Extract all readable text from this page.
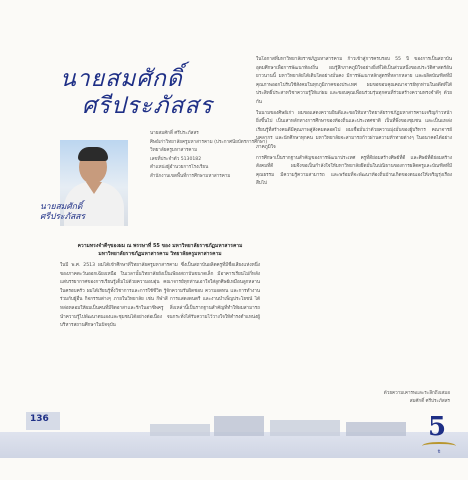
นายสมศักดิ์
ศรีประภัสสร
นายสมศักดิ์
ศรีประภัสสร
นายสมศักดิ์ ศรีประภัสสร
ศิษย์เก่าวิทยาลัยครูมหาสารคาม (ประกาศนียบัตรการศึกษา)
วิทยาลัยครูมหาสารคาม
เลขที่ประจำตัว 5130182
ตำแหน่งผู้อำนวยการโรงเรียน
สำนักงานเขตพื้นที่การศึกษามหาสารคาม
ความทรงจำดีๆของผม ณ พรรษาที่ 55 ของ มหาวิทยาลัยราชภัฏมหาสารคาม
มหาวิทยาลัยราชภัฏมหาสารคาม วิทยาลัยครูมหาสารคาม
ในปี พ.ศ. 2513 ผมได้เข้าศึกษาที่วิทยาลัยครูมหาสารคาม ซึ่งเป็นสถาบันผลิตครูที่มีชื่อเสียงแห่งหนึ่งของภาคตะวันออกเฉียงเหนือ ในเวลานั้นวิทยาลัยยังเป็นเพียงสถาบันขนาดเล็ก มีอาคารเรียนไม่กี่หลัง แต่บรรยากาศของการเรียนรู้เต็มไปด้วยความอบอุ่น คณาจารย์ทุกท่านเอาใจใส่ลูกศิษย์เหมือนลูกหลานในครอบครัว ผมได้เรียนรู้ทั้งวิชาการและการใช้ชีวิต รู้จักความรับผิดชอบ ความอดทน และการทำงานร่วมกับผู้อื่น กิจกรรมต่างๆ ภายในวิทยาลัย เช่น กีฬาสี การแสดงดนตรี และงานบำเพ็ญประโยชน์ ได้หล่อหลอมให้ผมเป็นคนที่มีจิตอาสาและรักในอาชีพครู สิ่งเหล่านี้เป็นรากฐานสำคัญที่ทำให้ผมสามารถนำความรู้ไปพัฒนาตนเองและชุมชนได้อย่างต่อเนื่อง จนกระทั่งได้รับความไว้วางใจให้ดำรงตำแหน่งผู้บริหารสถานศึกษาในปัจจุบัน
ในโอกาสที่มหาวิทยาลัยราชภัฏมหาสารคาม ก้าวเข้าสู่การครบรอบ 55 ปี ของการเป็นสถาบันอุดมศึกษาเพื่อการพัฒนาท้องถิ่น ผมรู้สึกภาคภูมิใจอย่างยิ่งที่ได้เป็นส่วนหนึ่งของประวัติศาสตร์อันยาวนานนี้ มหาวิทยาลัยได้เติบโตอย่างมั่นคง มีการพัฒนาหลักสูตรที่หลากหลาย และผลิตบัณฑิตที่มีคุณภาพออกไปรับใช้สังคมในทุกภูมิภาคของประเทศ ผมขอขอบคุณคณาจารย์ทุกท่านในอดีตที่ได้ประสิทธิ์ประสาทวิชาความรู้ให้แก่ผม และขอบคุณเพื่อนร่วมรุ่นทุกคนที่ร่วมสร้างความทรงจำดีๆ ด้วยกัน
ในนามของศิษย์เก่า ผมขอแสดงความยินดีและขอให้มหาวิทยาลัยราชภัฏมหาสารคามเจริญก้าวหน้ายิ่งขึ้นไป เป็นเสาหลักทางการศึกษาของท้องถิ่นและประเทศชาติ เป็นที่พึ่งของชุมชน และเป็นแหล่งเรียนรู้ที่สร้างคนดีมีคุณภาพสู่สังคมตลอดไป ผมเชื่อมั่นว่าด้วยความมุ่งมั่นของผู้บริหาร คณาจารย์ บุคลากร และนักศึกษาทุกคน มหาวิทยาลัยจะสามารถก้าวผ่านความท้าทายต่างๆ ในอนาคตได้อย่างภาคภูมิใจ
การศึกษาเป็นรากฐานสำคัญของการพัฒนาประเทศ ครูที่ดีย่อมสร้างศิษย์ที่ดี และศิษย์ที่ดีย่อมสร้างสังคมที่ดี ผมจึงขอเป็นกำลังใจให้มหาวิทยาลัยยึดมั่นในปณิธานของการผลิตครูและบัณฑิตที่มีคุณธรรม มีความรู้ความสามารถ และพร้อมที่จะพัฒนาท้องถิ่นบ้านเกิดของตนเองให้เจริญรุ่งเรืองสืบไป
ด้วยความเคารพและระลึกถึงเสมอ
สมศักดิ์ ศรีประภัสสร
136	5
ปี
